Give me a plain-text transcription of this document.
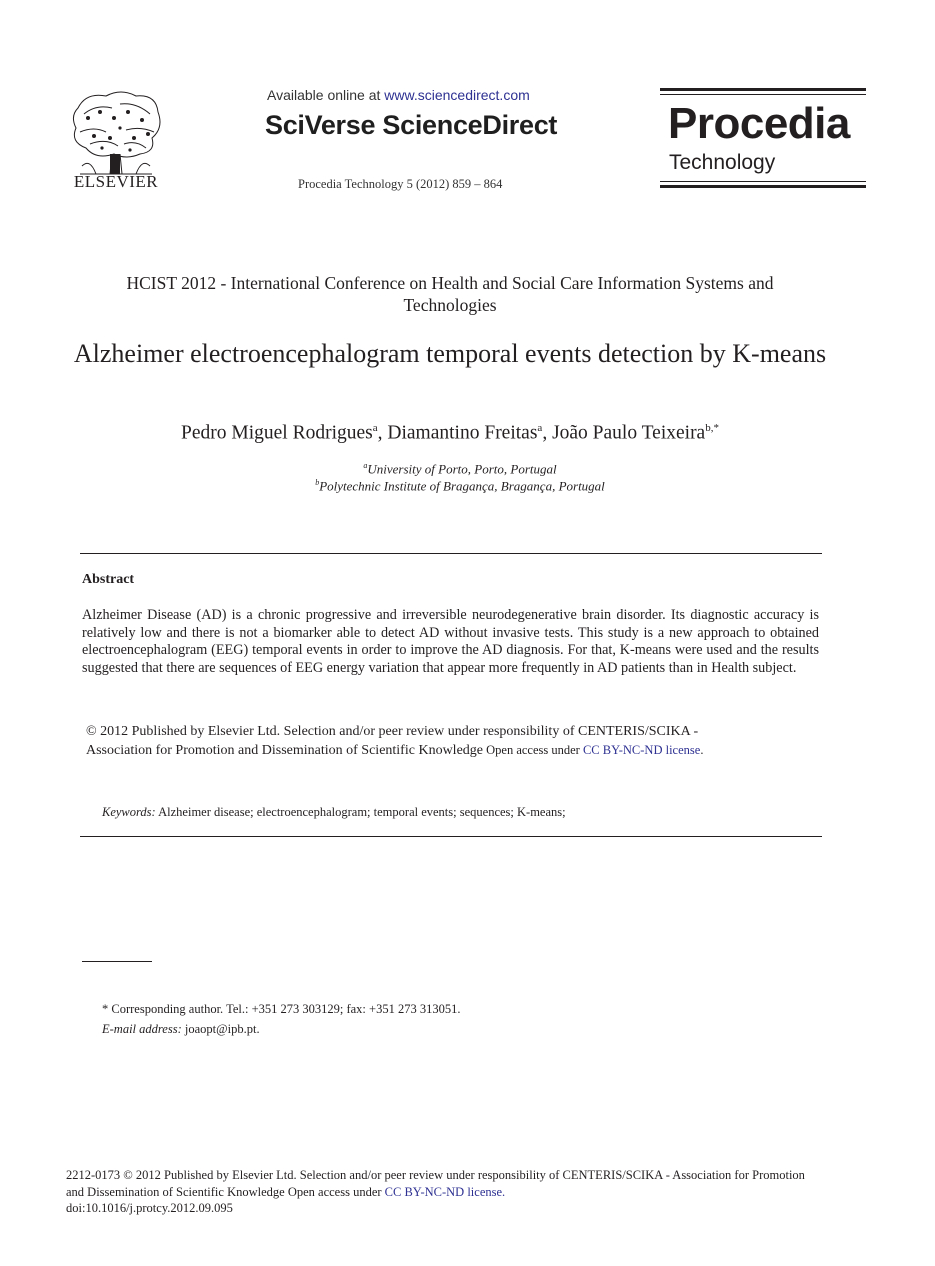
ELSEVIER
Available online at www.sciencedirect.com
SciVerse ScienceDirect
Procedia Technology 5 (2012) 859 – 864
Procedia
Technology
HCIST 2012 - International Conference on Health and Social Care Information Systems and Technologies
Alzheimer electroencephalogram temporal events detection by K-means
Pedro Miguel Rodrigues$^a$, Diamantino Freitas$^a$, João Paulo Teixeira$^{b,*}$
$^a$University of Porto, Porto, Portugal
$^b$Polytechnic Institute of Bragança, Bragança, Portugal
Abstract
Alzheimer Disease (AD) is a chronic progressive and irreversible neurodegenerative brain disorder. Its diagnostic accuracy is relatively low and there is not a biomarker able to detect AD without invasive tests. This study is a new approach to obtained electroencephalogram (EEG) temporal events in order to improve the AD diagnosis. For that, K-means were used and the results suggested that there are sequences of EEG energy variation that appear more frequently in AD patients than in Health subject.
© 2012 Published by Elsevier Ltd. Selection and/or peer review under responsibility of CENTERIS/SCIKA -
Association for Promotion and Dissemination of Scientific Knowledge Open access under CC BY-NC-ND license.
Keywords: Alzheimer disease; electroencephalogram; temporal events; sequences; K-means;
* Corresponding author. Tel.: +351 273 303129; fax: +351 273 313051.
E-mail address: joaopt@ipb.pt.
2212-0173 © 2012 Published by Elsevier Ltd. Selection and/or peer review under responsibility of CENTERIS/SCIKA - Association for Promotion
and Dissemination of Scientific Knowledge Open access under CC BY-NC-ND license.
doi:10.1016/j.protcy.2012.09.095
